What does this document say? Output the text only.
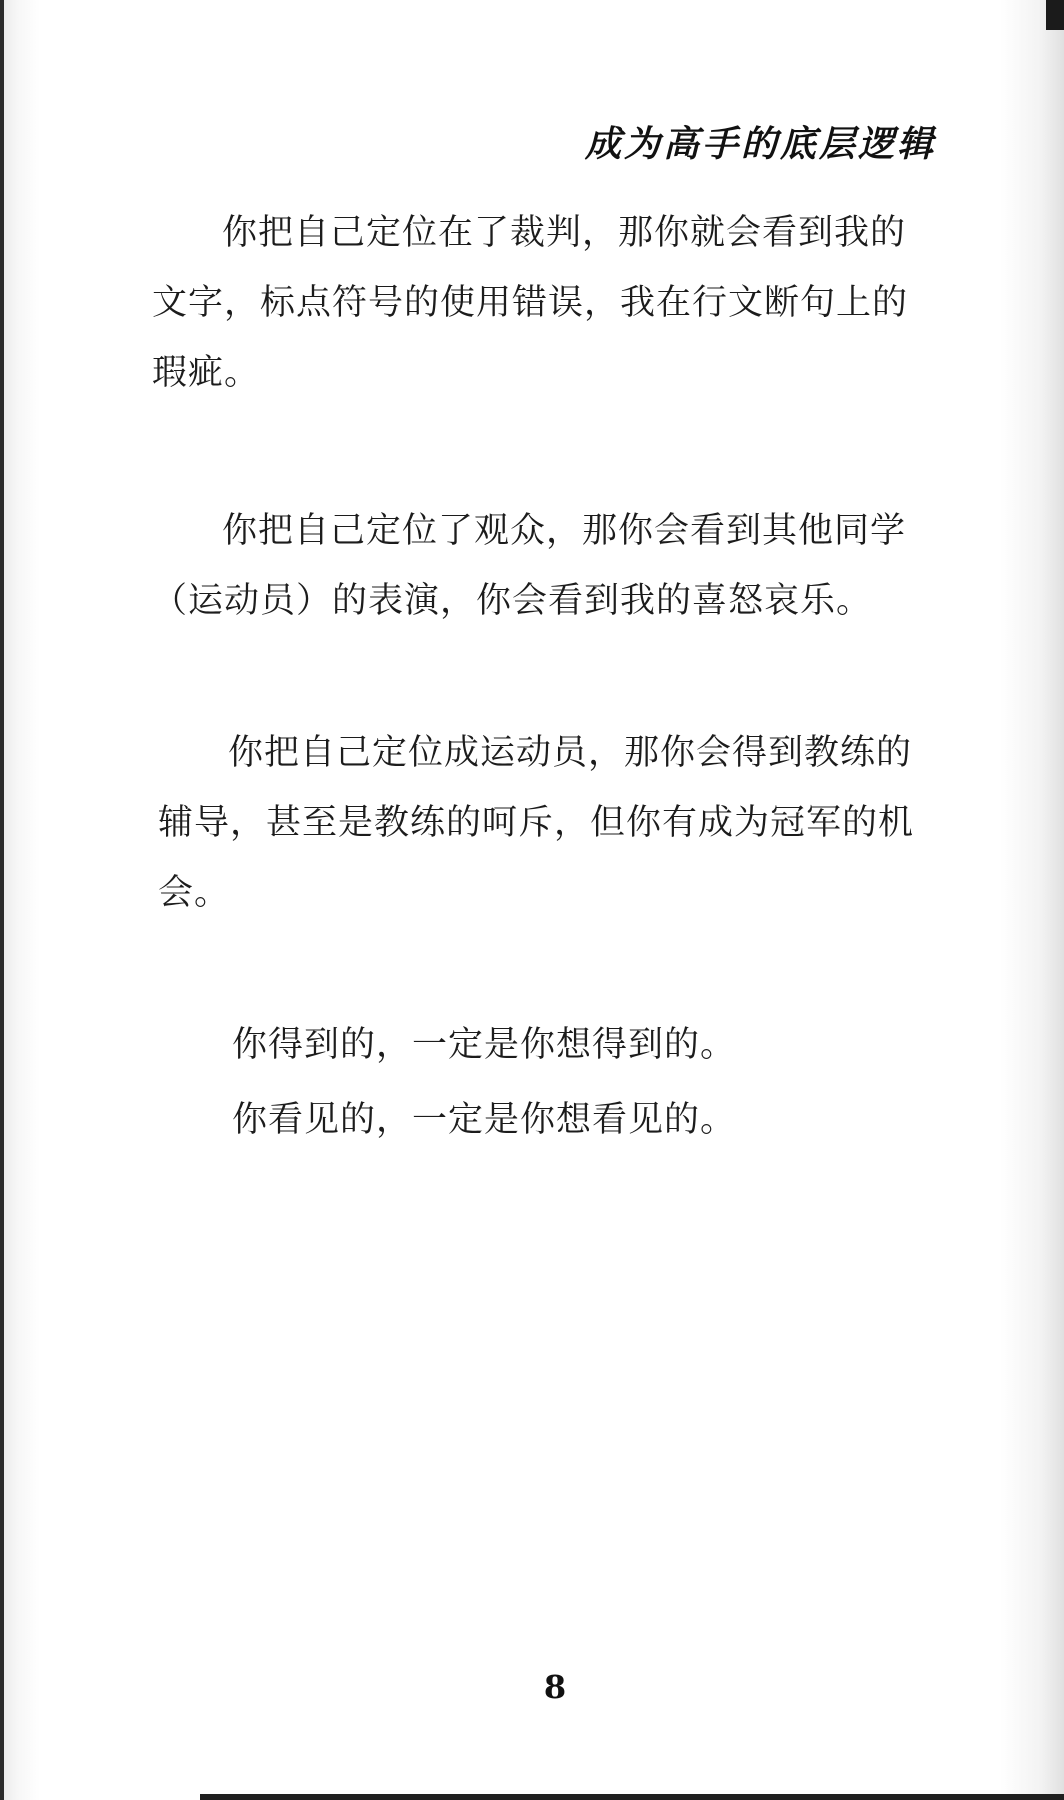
成为高手的底层逻辑

你把自己定位在了裁判，那你就会看到我的文字，标点符号的使用错误，我在行文断句上的瑕疵。

你把自己定位了观众，那你会看到其他同学（运动员）的表演，你会看到我的喜怒哀乐。

你把自己定位成运动员，那你会得到教练的辅导，甚至是教练的呵斥，但你有成为冠军的机会。

你得到的，一定是你想得到的。
你看见的，一定是你想看见的。
8
